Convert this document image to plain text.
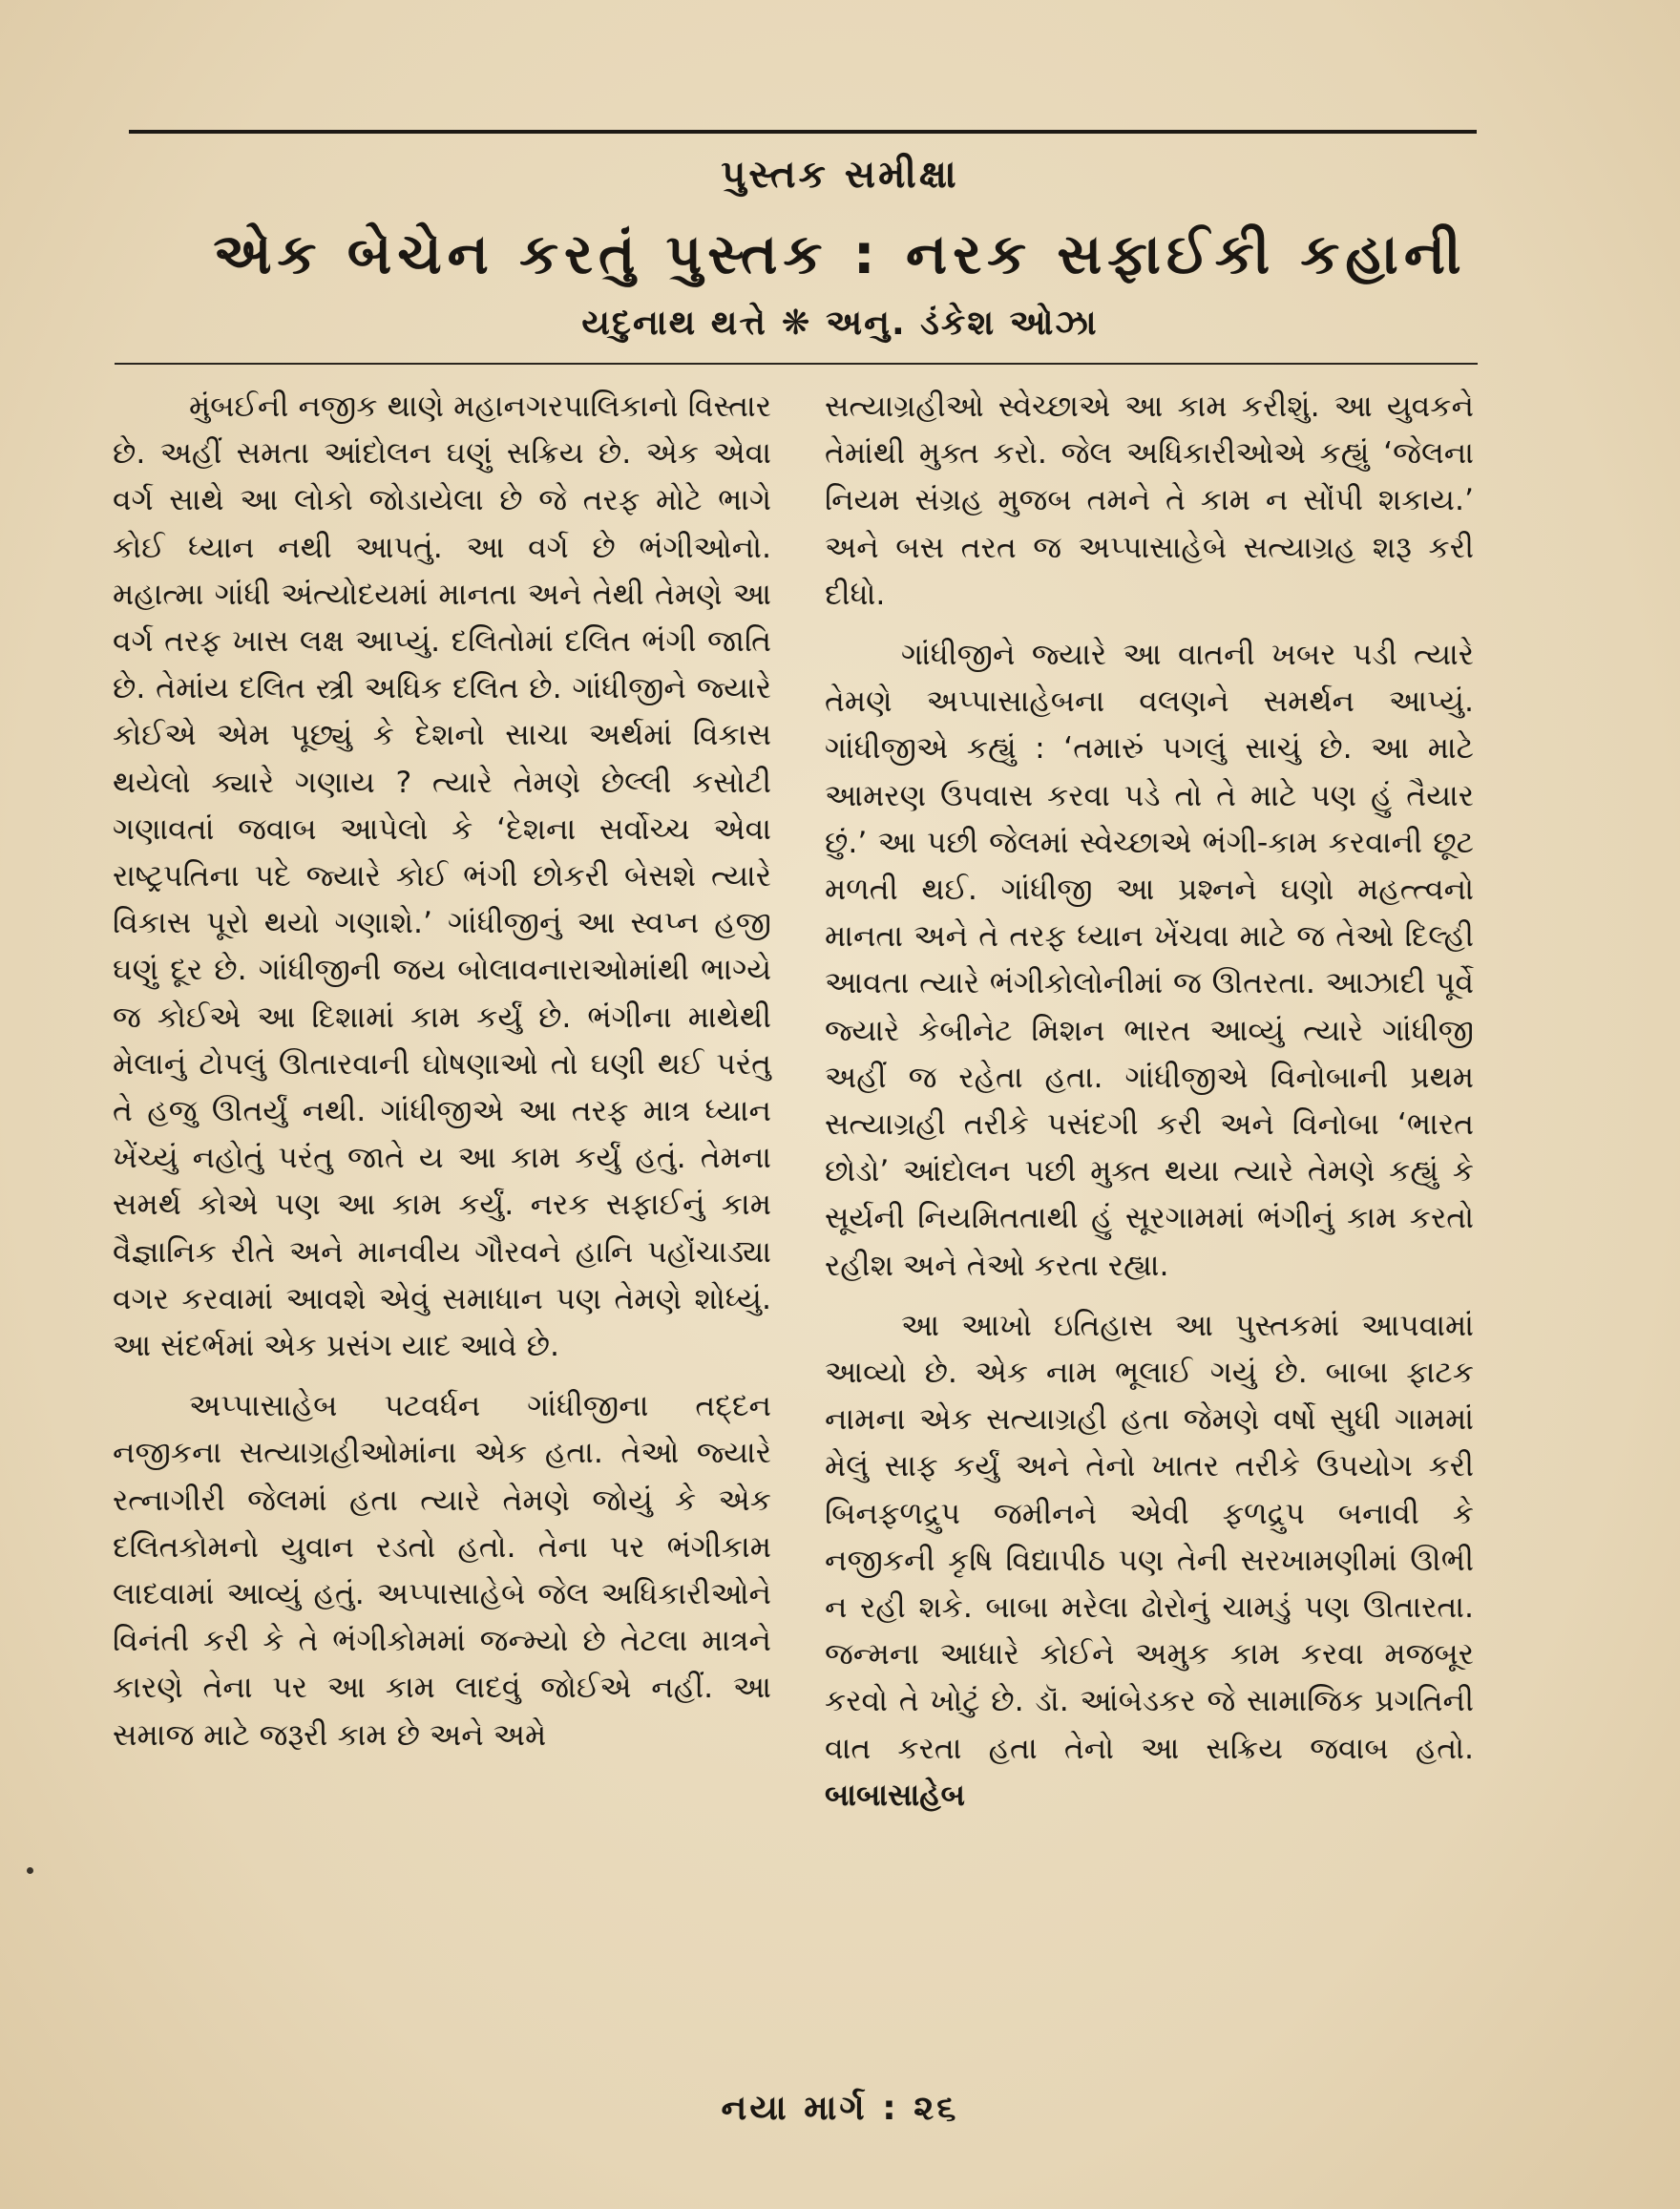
પુસ્તક સમીક્ષા
એક બેચેન કરતું પુસ્તક : નરક સફાઈકી કહાની
યદુનાથ થત્તે ❋ અનુ. ડંકેશ ઓઝા

મુંબઈની નજીક થાણે મહાનગરપાલિકાનો વિસ્તાર છે. અહીં સમતા આંદોલન ઘણું સક્રિય છે. એક એવા વર્ગ સાથે આ લોકો જોડાયેલા છે જે તરફ મોટે ભાગે કોઈ ધ્યાન નથી આપતું. આ વર્ગ છે ભંગીઓનો. મહાત્મા ગાંધી અંત્યોદયમાં માનતા અને તેથી તેમણે આ વર્ગ તરફ ખાસ લક્ષ આપ્યું. દલિતોમાં દલિત ભંગી જાતિ છે. તેમાંય દલિત સ્ત્રી અધિક દલિત છે. ગાંધીજીને જ્યારે કોઈએ એમ પૂછ્યું કે દેશનો સાચા અર્થમાં વિકાસ થયેલો ક્યારે ગણાય ? ત્યારે તેમણે છેલ્લી કસોટી ગણાવતાં જવાબ આપેલો કે ‘દેશના સર્વોચ્ચ એવા રાષ્ટ્રપતિના પદે જ્યારે કોઈ ભંગી છોકરી બેસશે ત્યારે વિકાસ પૂરો થયો ગણાશે.’ ગાંધીજીનું આ સ્વપ્ન હજી ઘણું દૂર છે. ગાંધીજીની જય બોલાવનારાઓમાંથી ભાગ્યે જ કોઈએ આ દિશામાં કામ કર્યું છે. ભંગીના માથેથી મેલાનું ટોપલું ઊતારવાની ઘોષણાઓ તો ઘણી થઈ પરંતુ તે હજુ ઊતર્યું નથી. ગાંધીજીએ આ તરફ માત્ર ધ્યાન ખેંચ્યું નહોતું પરંતુ જાતે ય આ કામ કર્યું હતું. તેમના સમર્થ કોએ પણ આ કામ કર્યું. નરક સફાઈનું કામ વૈજ્ઞાનિક રીતે અને માનવીય ગૌરવને હાનિ પહોંચાડ્યા વગર કરવામાં આવશે એવું સમાધાન પણ તેમણે શોધ્યું. આ સંદર્ભમાં એક પ્રસંગ યાદ આવે છે.

અપ્પાસાહેબ પટવર્ધન ગાંધીજીના તદ્દન નજીકના સત્યાગ્રહીઓમાંના એક હતા. તેઓ જ્યારે રત્નાગીરી જેલમાં હતા ત્યારે તેમણે જોયું કે એક દલિતકોમનો યુવાન રડતો હતો. તેના પર ભંગીકામ લાદવામાં આવ્યું હતું. અપ્પાસાહેબે જેલ અધિકારીઓને વિનંતી કરી કે તે ભંગીકોમમાં જન્મ્યો છે તેટલા માત્રને કારણે તેના પર આ કામ લાદવું જોઈએ નહીં. આ સમાજ માટે જરૂરી કામ છે અને અમે

સત્યાગ્રહીઓ સ્વેચ્છાએ આ કામ કરીશું. આ યુવકને તેમાંથી મુક્ત કરો. જેલ અધિકારીઓએ કહ્યું ‘જેલના નિયમ સંગ્રહ મુજબ તમને તે કામ ન સોંપી શકાય.’ અને બસ તરત જ અપ્પાસાહેબે સત્યાગ્રહ શરૂ કરી દીધો.

ગાંધીજીને જ્યારે આ વાતની ખબર પડી ત્યારે તેમણે અપ્પાસાહેબના વલણને સમર્થન આપ્યું. ગાંધીજીએ કહ્યું : ‘તમારું પગલું સાચું છે. આ માટે આમરણ ઉપવાસ કરવા પડે તો તે માટે પણ હું તૈયાર છું.’ આ પછી જેલમાં સ્વેચ્છાએ ભંગી-કામ કરવાની છૂટ મળતી થઈ. ગાંધીજી આ પ્રશ્નને ઘણો મહત્ત્વનો માનતા અને તે તરફ ધ્યાન ખેંચવા માટે જ તેઓ દિલ્હી આવતા ત્યારે ભંગીકોલોનીમાં જ ઊતરતા. આઝાદી પૂર્વે જ્યારે કેબીનેટ મિશન ભારત આવ્યું ત્યારે ગાંધીજી અહીં જ રહેતા હતા. ગાંધીજીએ વિનોબાની પ્રથમ સત્યાગ્રહી તરીકે પસંદગી કરી અને વિનોબા ‘ભારત છોડો’ આંદોલન પછી મુક્ત થયા ત્યારે તેમણે કહ્યું કે સૂર્યની નિયમિતતાથી હું સૂરગામમાં ભંગીનું કામ કરતો રહીશ અને તેઓ કરતા રહ્યા.

આ આખો ઇતિહાસ આ પુસ્તકમાં આપવામાં આવ્યો છે. એક નામ ભૂલાઈ ગયું છે. બાબા ફાટક નામના એક સત્યાગ્રહી હતા જેમણે વર્ષો સુધી ગામમાં મેલું સાફ કર્યું અને તેનો ખાતર તરીકે ઉપયોગ કરી બિનફળદ્રુપ જમીનને એવી ફળદ્રુપ બનાવી કે નજીકની કૃષિ વિદ્યાપીઠ પણ તેની સરખામણીમાં ઊભી ન રહી શકે. બાબા મરેલા ઢોરોનું ચામડું પણ ઊતારતા. જન્મના આધારે કોઈને અમુક કામ કરવા મજબૂર કરવો તે ખોટું છે. ડૉ. આંબેડકર જે સામાજિક પ્રગતિની વાત કરતા હતા તેનો આ સક્રિય જવાબ હતો. બાબાસાહેબ

નયા માર્ગ : ૨૬
